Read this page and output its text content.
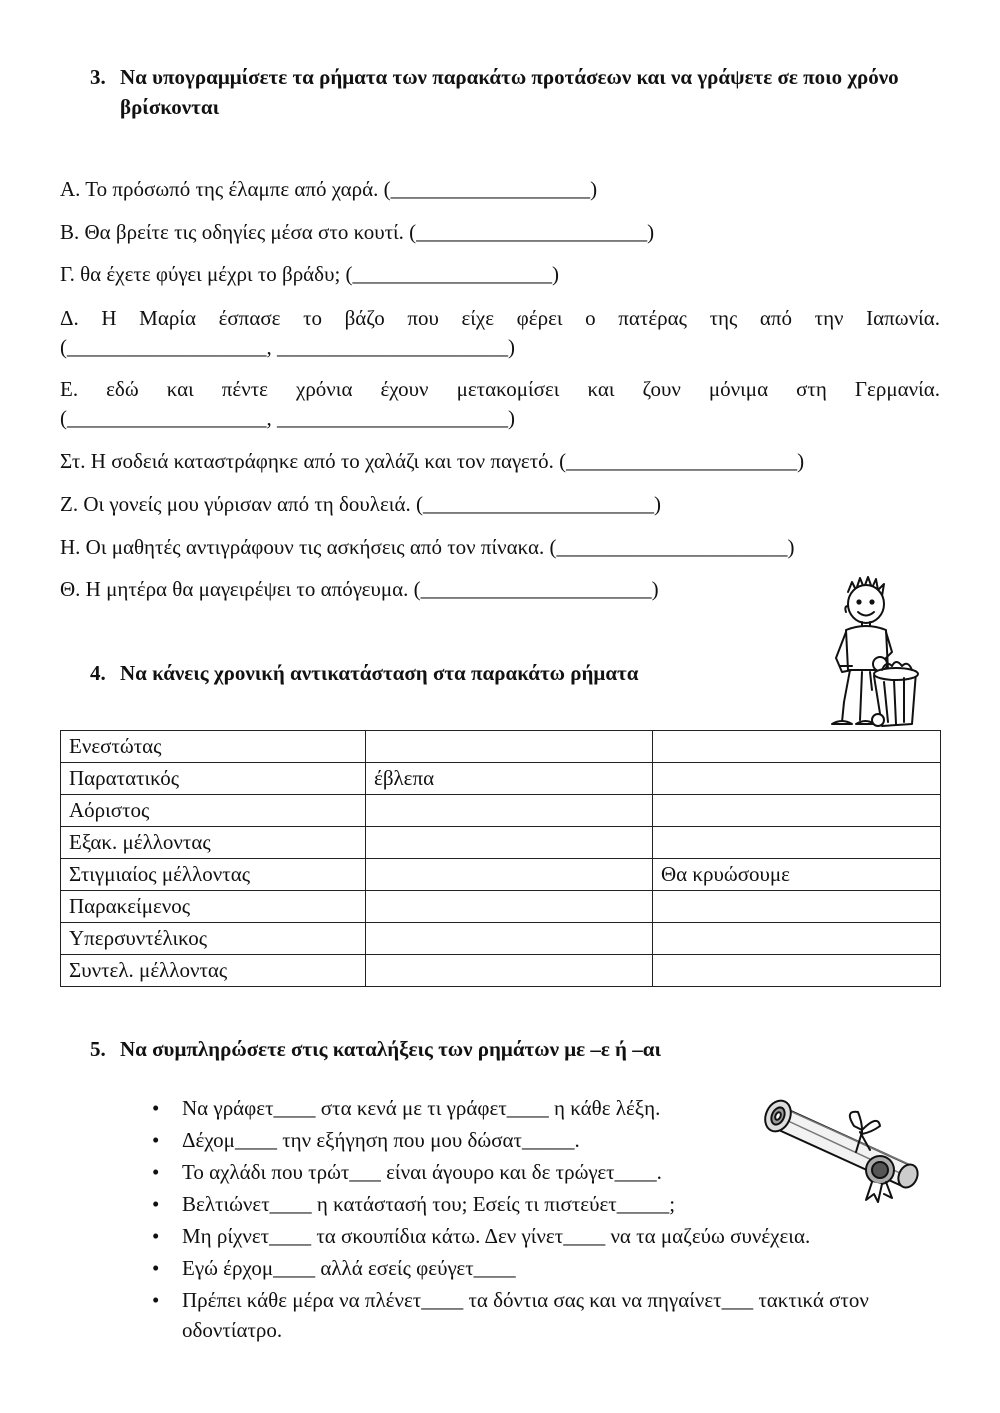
3. Να υπογραμμίσετε τα ρήματα των παρακάτω προτάσεων και να γράψετε σε ποιο χρόνο βρίσκονται
Α. Το πρόσωπό της έλαμπε από χαρά. (___________________)
Β. Θα βρείτε τις οδηγίες μέσα στο κουτί. (______________________)
Γ. θα έχετε φύγει μέχρι το βράδυ; (___________________)
Δ. Η Μαρία έσπασε το βάζο που είχε φέρει ο πατέρας της από την Ιαπωνία.
(___________________, ______________________)
Ε. εδώ και πέντε χρόνια έχουν μετακομίσει και ζουν μόνιμα στη Γερμανία.
(___________________, ______________________)
Στ. Η σοδειά καταστράφηκε από το χαλάζι και τον παγετό. (______________________)
Ζ. Οι γονείς μου γύρισαν από τη δουλειά. (______________________)
Η. Οι μαθητές αντιγράφουν τις ασκήσεις από τον πίνακα. (______________________)
Θ. Η μητέρα θα μαγειρέψει το απόγευμα. (______________________)
4. Να κάνεις χρονική αντικατάσταση στα παρακάτω ρήματα
Ενεστώτας		
Παρατατικός	έβλεπα	
Αόριστος		
Εξακ. μέλλοντας		
Στιγμιαίος μέλλοντας		Θα κρυώσουμε
Παρακείμενος		
Υπερσυντέλικος		
Συντελ. μέλλοντας		
5. Να συμπληρώσετε στις καταλήξεις των ρημάτων με –ε ή –αι
• Να γράφετ____ στα κενά με τι γράφετ____ η κάθε λέξη.
• Δέχομ____ την εξήγηση που μου δώσατ_____.
• Το αχλάδι που τρώτ___ είναι άγουρο και δε τρώγετ____.
• Βελτιώνετ____ η κατάστασή του; Εσείς τι πιστεύετ_____;
• Μη ρίχνετ____ τα σκουπίδια κάτω. Δεν γίνετ____ να τα μαζεύω συνέχεια.
• Εγώ έρχομ____ αλλά εσείς φεύγετ____
• Πρέπει κάθε μέρα να πλένετ____ τα δόντια σας και να πηγαίνετ___ τακτικά στον οδοντίατρο.
